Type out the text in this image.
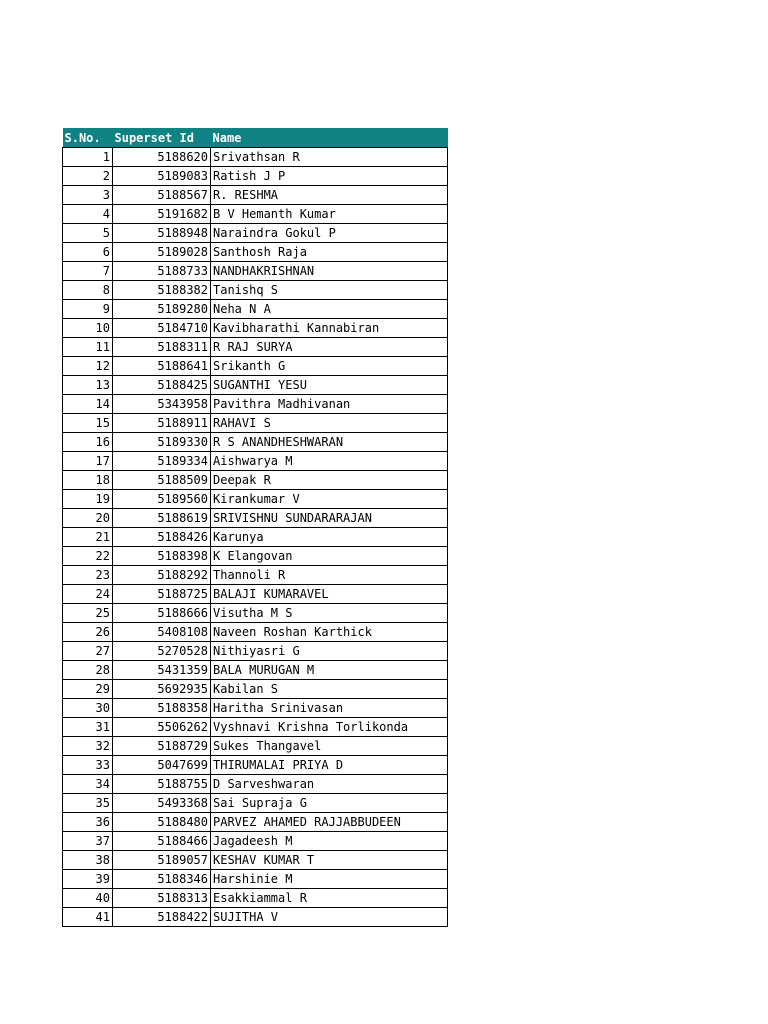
S.No.	Superset Id	Name
1	5188620	Srivathsan R
2	5189083	Ratish J P
3	5188567	R. RESHMA
4	5191682	B V Hemanth Kumar
5	5188948	Naraindra Gokul P
6	5189028	Santhosh Raja
7	5188733	NANDHAKRISHNAN
8	5188382	Tanishq S
9	5189280	Neha N A
10	5184710	Kavibharathi Kannabiran
11	5188311	R RAJ SURYA
12	5188641	Srikanth G
13	5188425	SUGANTHI YESU
14	5343958	Pavithra Madhivanan
15	5188911	RAHAVI S
16	5189330	R S ANANDHESHWARAN
17	5189334	Aishwarya M
18	5188509	Deepak R
19	5189560	Kirankumar V
20	5188619	SRIVISHNU SUNDARARAJAN
21	5188426	Karunya
22	5188398	K Elangovan
23	5188292	Thannoli R
24	5188725	BALAJI KUMARAVEL
25	5188666	Visutha M S
26	5408108	Naveen Roshan Karthick
27	5270528	Nithiyasri G
28	5431359	BALA MURUGAN M
29	5692935	Kabilan S
30	5188358	Haritha Srinivasan
31	5506262	Vyshnavi Krishna Torlikonda
32	5188729	Sukes Thangavel
33	5047699	THIRUMALAI PRIYA D
34	5188755	D Sarveshwaran
35	5493368	Sai Supraja G
36	5188480	PARVEZ AHAMED RAJJABBUDEEN
37	5188466	Jagadeesh M
38	5189057	KESHAV KUMAR T
39	5188346	Harshinie M
40	5188313	Esakkiammal R
41	5188422	SUJITHA V
